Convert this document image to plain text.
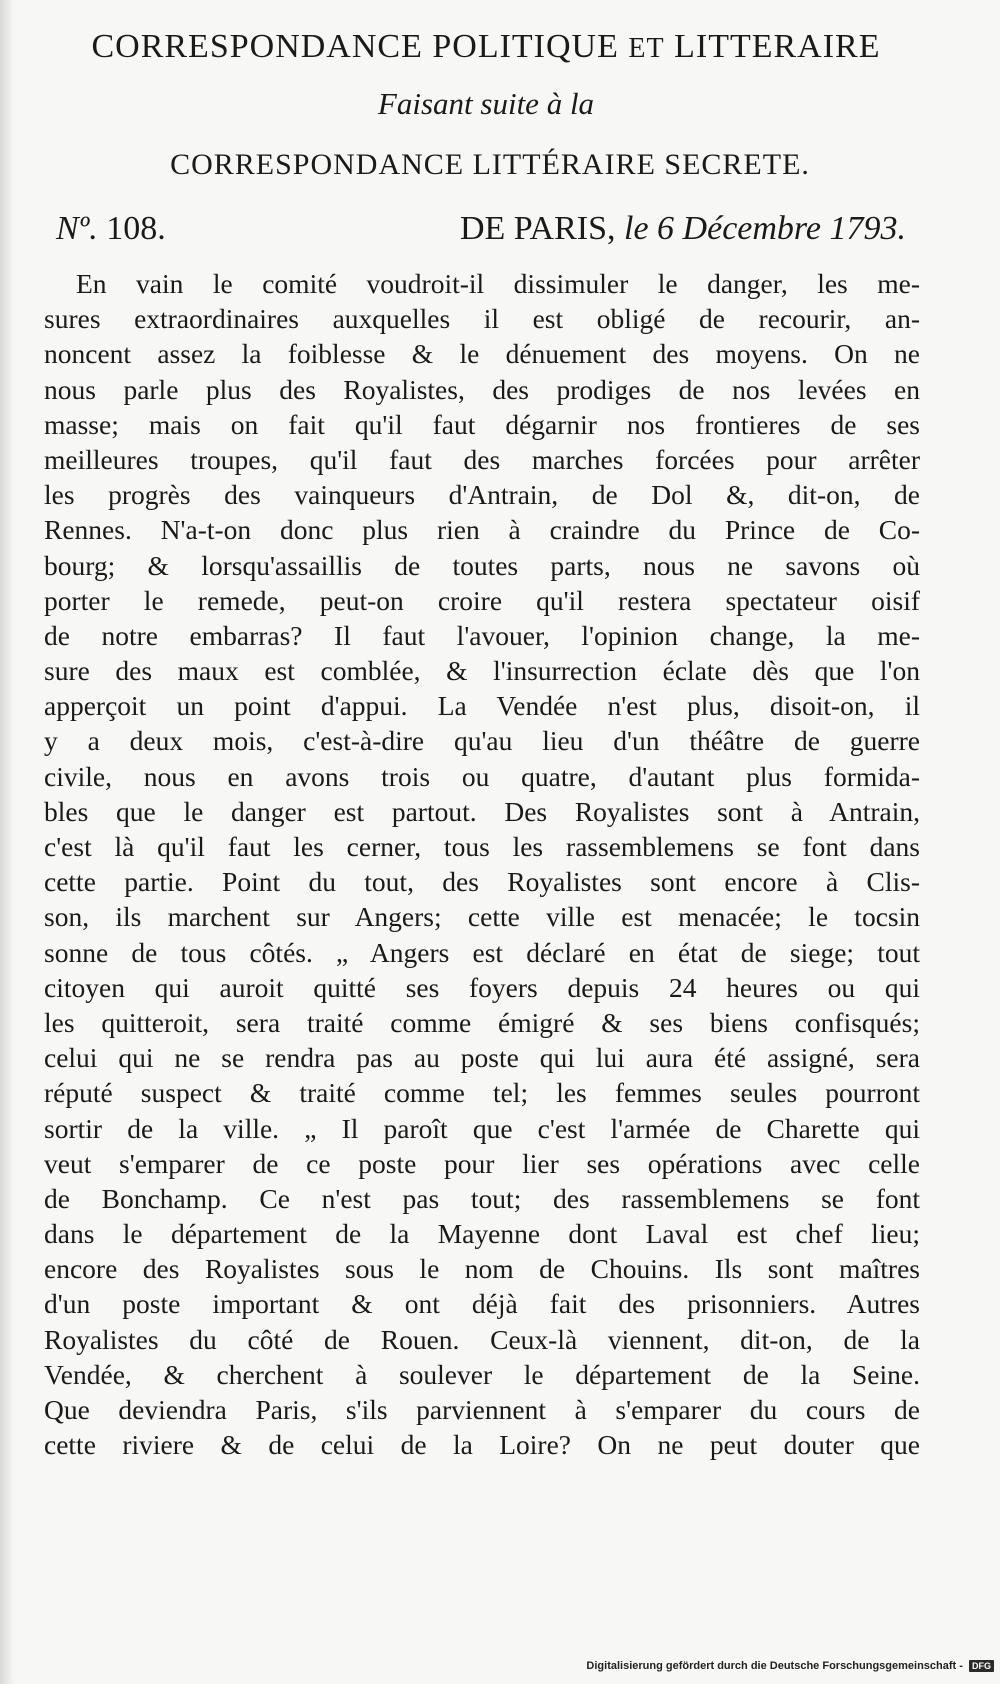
CORRESPONDANCE POLITIQUE ET LITTERAIRE
Faisant suite à la
CORRESPONDANCE LITTÉRAIRE SECRETE.
Nº. 108.	DE PARIS, le 6 Décembre 1793.
En vain le comité voudroit-il dissimuler le danger, les me-
sures extraordinaires auxquelles il est obligé de recourir, an-
noncent assez la foiblesse & le dénuement des moyens. On ne
nous parle plus des Royalistes, des prodiges de nos levées en
masse; mais on fait qu'il faut dégarnir nos frontieres de ses
meilleures troupes, qu'il faut des marches forcées pour arrêter
les progrès des vainqueurs d'Antrain, de Dol &, dit-on, de
Rennes. N'a-t-on donc plus rien à craindre du Prince de Co-
bourg; & lorsqu'assaillis de toutes parts, nous ne savons où
porter le remede, peut-on croire qu'il restera spectateur oisif
de notre embarras? Il faut l'avouer, l'opinion change, la me-
sure des maux est comblée, & l'insurrection éclate dès que l'on
apperçoit un point d'appui. La Vendée n'est plus, disoit-on, il
y a deux mois, c'est-à-dire qu'au lieu d'un théâtre de guerre
civile, nous en avons trois ou quatre, d'autant plus formida-
bles que le danger est partout. Des Royalistes sont à Antrain,
c'est là qu'il faut les cerner, tous les rassemblemens se font dans
cette partie. Point du tout, des Royalistes sont encore à Clis-
son, ils marchent sur Angers; cette ville est menacée; le tocsin
sonne de tous côtés. „ Angers est déclaré en état de siege; tout
citoyen qui auroit quitté ses foyers depuis 24 heures ou qui
les quitteroit, sera traité comme émigré & ses biens confisqués;
celui qui ne se rendra pas au poste qui lui aura été assigné, sera
réputé suspect & traité comme tel; les femmes seules pourront
sortir de la ville. „ Il paroît que c'est l'armée de Charette qui
veut s'emparer de ce poste pour lier ses opérations avec celle
de Bonchamp. Ce n'est pas tout; des rassemblemens se font
dans le département de la Mayenne dont Laval est chef lieu;
encore des Royalistes sous le nom de Chouins. Ils sont maîtres
d'un poste important & ont déjà fait des prisonniers. Autres
Royalistes du côté de Rouen. Ceux-là viennent, dit-on, de la
Vendée, & cherchent à soulever le département de la Seine.
Que deviendra Paris, s'ils parviennent à s'emparer du cours de
cette riviere & de celui de la Loire? On ne peut douter que
Digitalisierung gefördert durch die Deutsche Forschungsgemeinschaft - DFG
